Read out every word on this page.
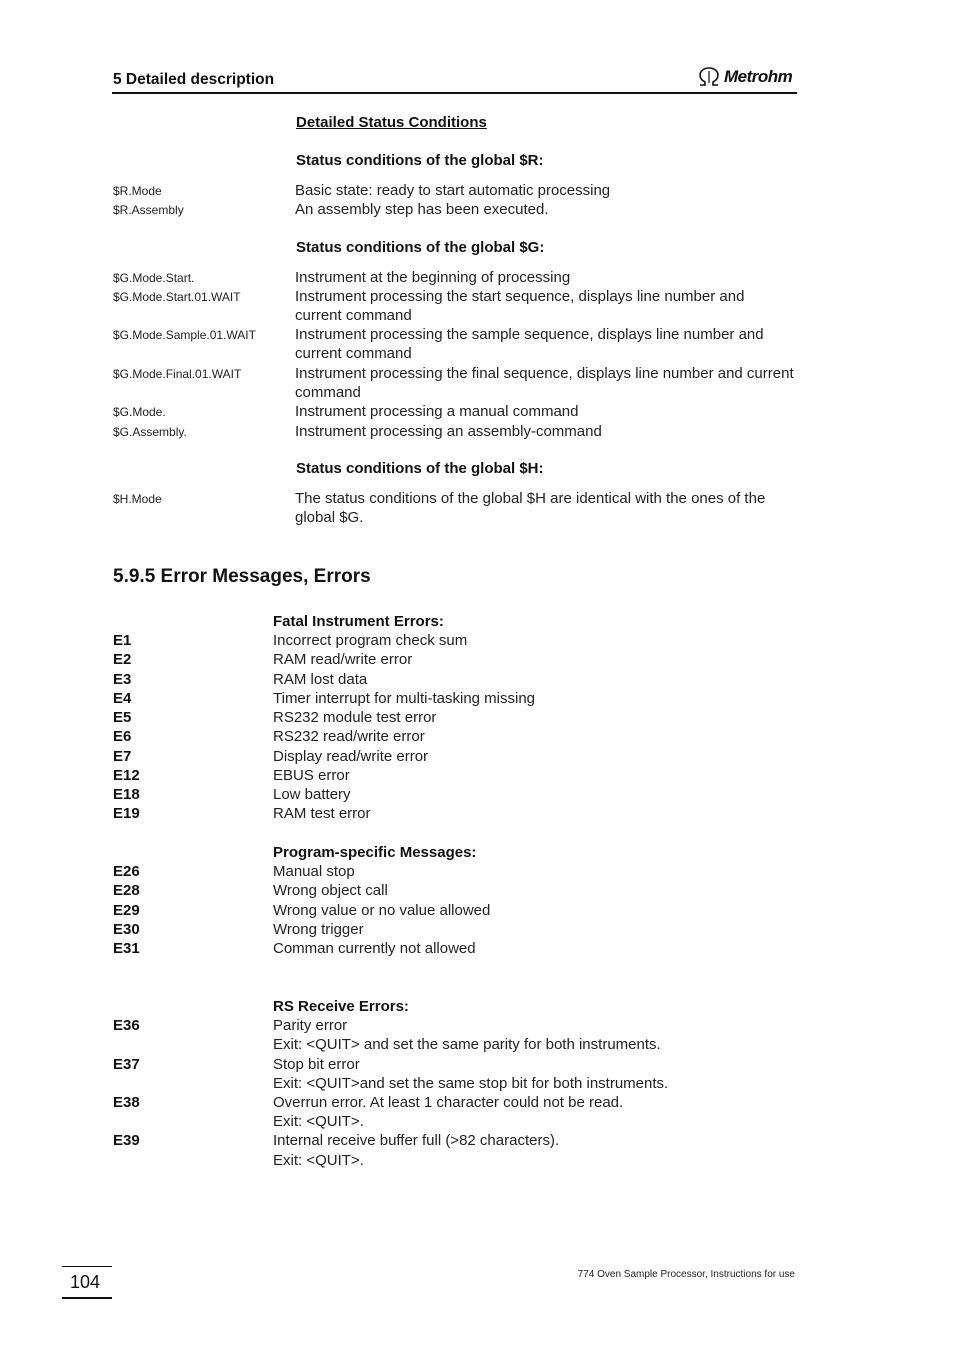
5 Detailed description	Metrohm
Detailed Status Conditions
Status conditions of the global $R:
$R.Mode	Basic state: ready to start automatic processing
$R.Assembly	An assembly step has been executed.
Status conditions of the global $G:
$G.Mode.Start.	Instrument at the beginning of processing
$G.Mode.Start.01.WAIT	Instrument processing the start sequence, displays line number and current command
$G.Mode.Sample.01.WAIT	Instrument processing the sample sequence, displays line number and current command
$G.Mode.Final.01.WAIT	Instrument processing the final sequence, displays line number and current command
$G.Mode.	Instrument processing a manual command
$G.Assembly.	Instrument processing an assembly-command
Status conditions of the global $H:
$H.Mode	The status conditions of the global $H are identical with the ones of the global $G.
5.9.5 Error Messages, Errors
Fatal Instrument Errors:
E1	Incorrect program check sum
E2	RAM read/write error
E3	RAM lost data
E4	Timer interrupt for multi-tasking missing
E5	RS232 module test error
E6	RS232 read/write error
E7	Display read/write error
E12	EBUS error
E18	Low battery
E19	RAM test error
Program-specific Messages:
E26	Manual stop
E28	Wrong object call
E29	Wrong value or no value allowed
E30	Wrong trigger
E31	Comman currently not allowed
RS Receive Errors:
E36	Parity error
Exit: <QUIT> and set the same parity for both instruments.
E37	Stop bit error
Exit: <QUIT>and set the same stop bit for both instruments.
E38	Overrun error. At least 1 character could not be read.
Exit: <QUIT>.
E39	Internal receive buffer full (>82 characters).
Exit: <QUIT>.
104	774 Oven Sample Processor, Instructions for use
